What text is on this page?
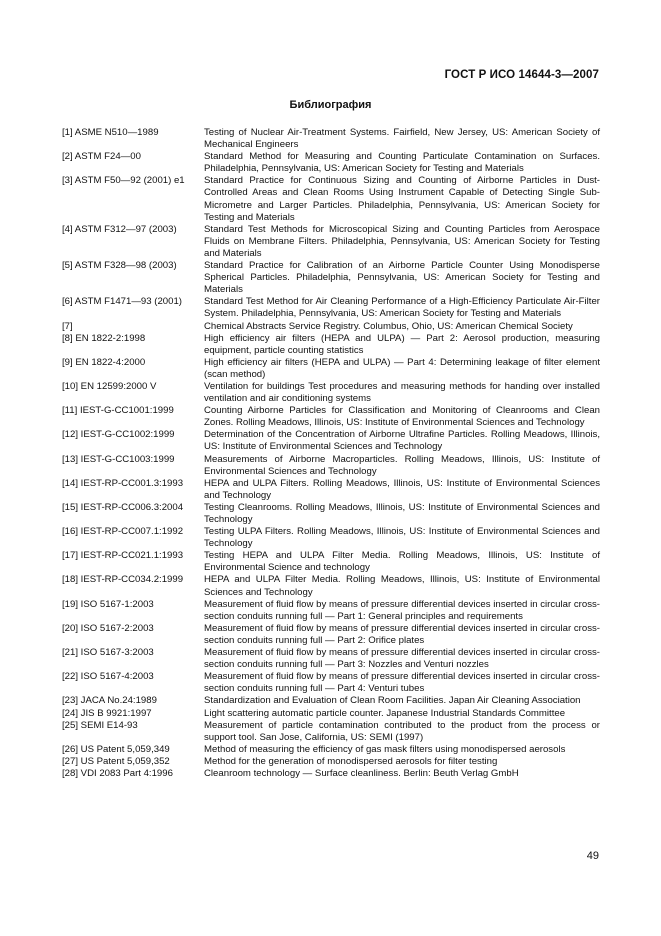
ГОСТ Р ИСО 14644-3—2007
Библиография
[1] ASME N510—1989	Testing of Nuclear Air-Treatment Systems. Fairfield, New Jersey, US: American Society of Mechanical Engineers
[2] ASTM F24—00	Standard Method for Measuring and Counting Particulate Contamination on Surfaces. Philadelphia, Pennsylvania, US: American Society for Testing and Materials
[3] ASTM F50—92 (2001) e1	Standard Practice for Continuous Sizing and Counting of Airborne Particles in Dust-Controlled Areas and Clean Rooms Using Instrument Capable of Detecting Single Sub-Micrometre and Larger Particles. Philadelphia, Pennsylvania, US: American Society for Testing and Materials
[4] ASTM F312—97 (2003)	Standard Test Methods for Microscopical Sizing and Counting Particles from Aerospace Fluids on Membrane Filters. Philadelphia, Pennsylvania, US: American Society for Testing and Materials
[5] ASTM F328—98 (2003)	Standard Practice for Calibration of an Airborne Particle Counter Using Monodisperse Spherical Particles. Philadelphia, Pennsylvania, US: American Society for Testing and Materials
[6] ASTM F1471—93 (2001)	Standard Test Method for Air Cleaning Performance of a High-Efficiency Particulate Air-Filter System. Philadelphia, Pennsylvania, US: American Society for Testing and Materials
[7]	Chemical Abstracts Service Registry. Columbus, Ohio, US: American Chemical Society
[8] EN 1822-2:1998	High efficiency air filters (HEPA and ULPA) — Part 2: Aerosol production, measuring equipment, particle counting statistics
[9] EN 1822-4:2000	High efficiency air filters (HEPA and ULPA) — Part 4: Determining leakage of filter element (scan method)
[10] EN 12599:2000 V	Ventilation for buildings Test procedures and measuring methods for handing over installed ventilation and air conditioning systems
[11] IEST-G-CC1001:1999	Counting Airborne Particles for Classification and Monitoring of Cleanrooms and Clean Zones. Rolling Meadows, Illinois, US: Institute of Environmental Sciences and Technology
[12] IEST-G-CC1002:1999	Determination of the Concentration of Airborne Ultrafine Particles. Rolling Meadows, Illinois, US: Institute of Environmental Sciences and Technology
[13] IEST-G-CC1003:1999	Measurements of Airborne Macroparticles. Rolling Meadows, Illinois, US: Institute of Environmental Sciences and Technology
[14] IEST-RP-CC001.3:1993	HEPA and ULPA Filters. Rolling Meadows, Illinois, US: Institute of Environmental Sciences and Technology
[15] IEST-RP-CC006.3:2004	Testing Cleanrooms. Rolling Meadows, Illinois, US: Institute of Environmental Sciences and Technology
[16] IEST-RP-CC007.1:1992	Testing ULPA Filters. Rolling Meadows, Illinois, US: Institute of Environmental Sciences and Technology
[17] IEST-RP-CC021.1:1993	Testing HEPA and ULPA Filter Media. Rolling Meadows, Illinois, US: Institute of Environmental Science and technology
[18] IEST-RP-CC034.2:1999	HEPA and ULPA Filter Media. Rolling Meadows, Illinois, US: Institute of Environmental Sciences and Technology
[19] ISO 5167-1:2003	Measurement of fluid flow by means of pressure differential devices inserted in circular cross-section conduits running full — Part 1: General principles and requirements
[20] ISO 5167-2:2003	Measurement of fluid flow by means of pressure differential devices inserted in circular cross-section conduits running full — Part 2: Orifice plates
[21] ISO 5167-3:2003	Measurement of fluid flow by means of pressure differential devices inserted in circular cross-section conduits running full — Part 3: Nozzles and Venturi nozzles
[22] ISO 5167-4:2003	Measurement of fluid flow by means of pressure differential devices inserted in circular cross-section conduits running full — Part 4: Venturi tubes
[23] JACA No.24:1989	Standardization and Evaluation of Clean Room Facilities. Japan Air Cleaning Association
[24] JIS B 9921:1997	Light scattering automatic particle counter. Japanese Industrial Standards Committee
[25] SEMI E14-93	Measurement of particle contamination contributed to the product from the process or support tool. San Jose, California, US: SEMI (1997)
[26] US Patent 5,059,349	Method of measuring the efficiency of gas mask filters using monodispersed aerosols
[27] US Patent 5,059,352	Method for the generation of monodispersed aerosols for filter testing
[28] VDI 2083 Part 4:1996	Cleanroom technology — Surface cleanliness. Berlin: Beuth Verlag GmbH
49
